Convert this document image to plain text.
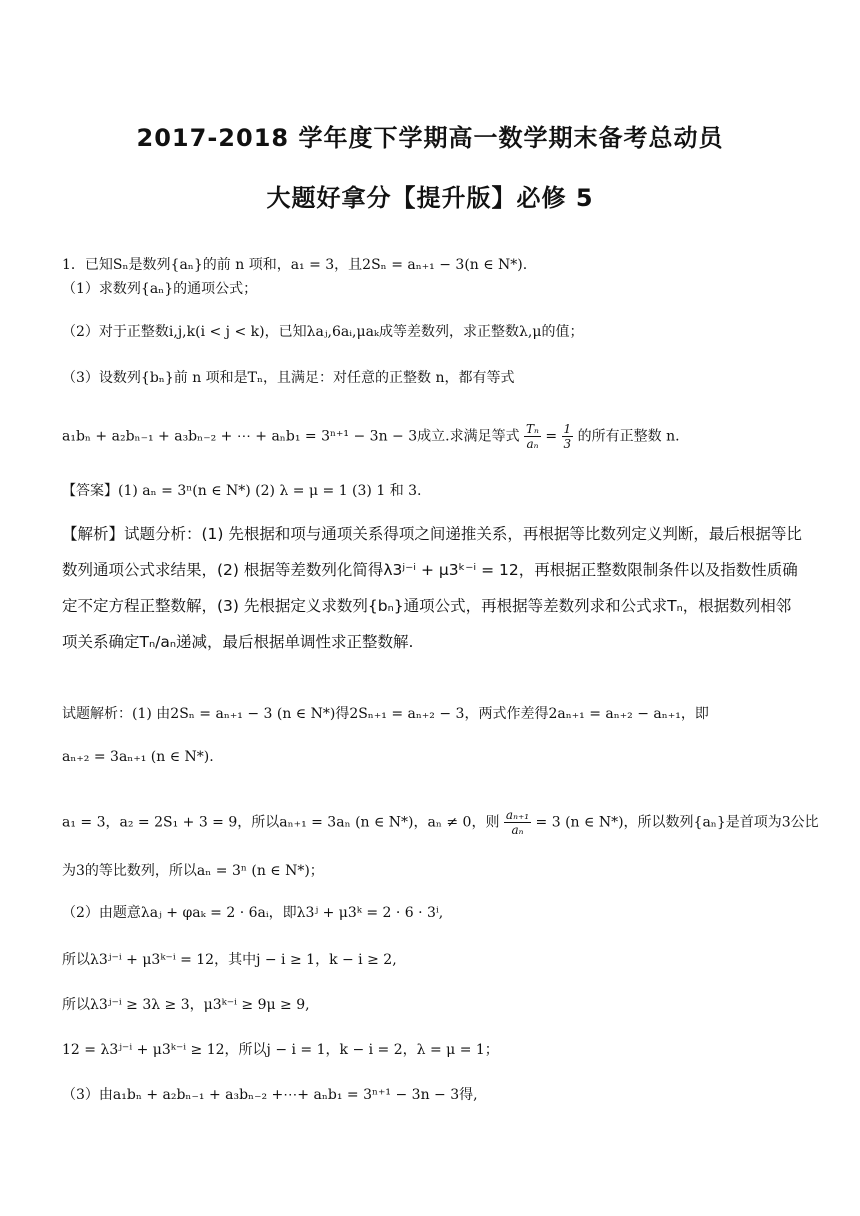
2017-2018 学年度下学期高一数学期末备考总动员
大题好拿分【提升版】必修 5
1．已知Sₙ是数列{aₙ}的前 n 项和，a₁ = 3，且2Sₙ = aₙ₊₁ − 3(n ∈ N*).
（1）求数列{aₙ}的通项公式；
（2）对于正整数i,j,k(i < j < k)，已知λaⱼ,6aᵢ,μaₖ成等差数列，求正整数λ,μ的值；
（3）设数列{bₙ}前 n 项和是Tₙ，且满足：对任意的正整数 n，都有等式
a₁bₙ + a₂bₙ₋₁ + a₃bₙ₋₂ + ⋯ + aₙb₁ = 3ⁿ⁺¹ − 3n − 3成立.求满足等式 $\frac{\text{Tₙ}}{\text{aₙ}} = \frac{1}{3}$ 的所有正整数 n.
【答案】(1) aₙ = 3ⁿ(n ∈ N*) (2) λ = μ = 1 (3) 1 和 3.
【解析】试题分析：(1) 先根据和项与通项关系得项之间递推关系，再根据等比数列定义判断，最后根据等比数列通项公式求结果，(2) 根据等差数列化简得λ3ʲ⁻ⁱ + μ3ᵏ⁻ⁱ = 12，再根据正整数限制条件以及指数性质确定不定方程正整数解，(3) 先根据定义求数列{bₙ}通项公式，再根据等差数列求和公式求Tₙ，根据数列相邻项关系确定Tₙ/aₙ递减，最后根据单调性求正整数解.
试题解析：(1) 由2Sₙ = aₙ₊₁ − 3 (n ∈ N*)得2Sₙ₊₁ = aₙ₊₂ − 3，两式作差得2aₙ₊₁ = aₙ₊₂ − aₙ₊₁，即
aₙ₊₂ = 3aₙ₊₁ (n ∈ N*).
a₁ = 3，a₂ = 2S₁ + 3 = 9，所以aₙ₊₁ = 3aₙ (n ∈ N*)，aₙ ≠ 0，则 $\frac{\text{aₙ₊₁}}{\text{aₙ}} = 3$ (n ∈ N*)，所以数列{aₙ}是首项为3公比
为3的等比数列，所以aₙ = 3ⁿ (n ∈ N*)；
（2）由题意λaⱼ + φaₖ = 2 · 6aᵢ，即λ3ʲ + μ3ᵏ = 2 · 6 · 3ⁱ,
所以λ3ʲ⁻ⁱ + μ3ᵏ⁻ⁱ = 12，其中j − i ≥ 1，k − i ≥ 2,
所以λ3ʲ⁻ⁱ ≥ 3λ ≥ 3，μ3ᵏ⁻ⁱ ≥ 9μ ≥ 9,
12 = λ3ʲ⁻ⁱ + μ3ᵏ⁻ⁱ ≥ 12，所以j − i = 1，k − i = 2，λ = μ = 1；
（3）由a₁bₙ + a₂bₙ₋₁ + a₃bₙ₋₂ +⋯+ aₙb₁ = 3ⁿ⁺¹ − 3n − 3得,
